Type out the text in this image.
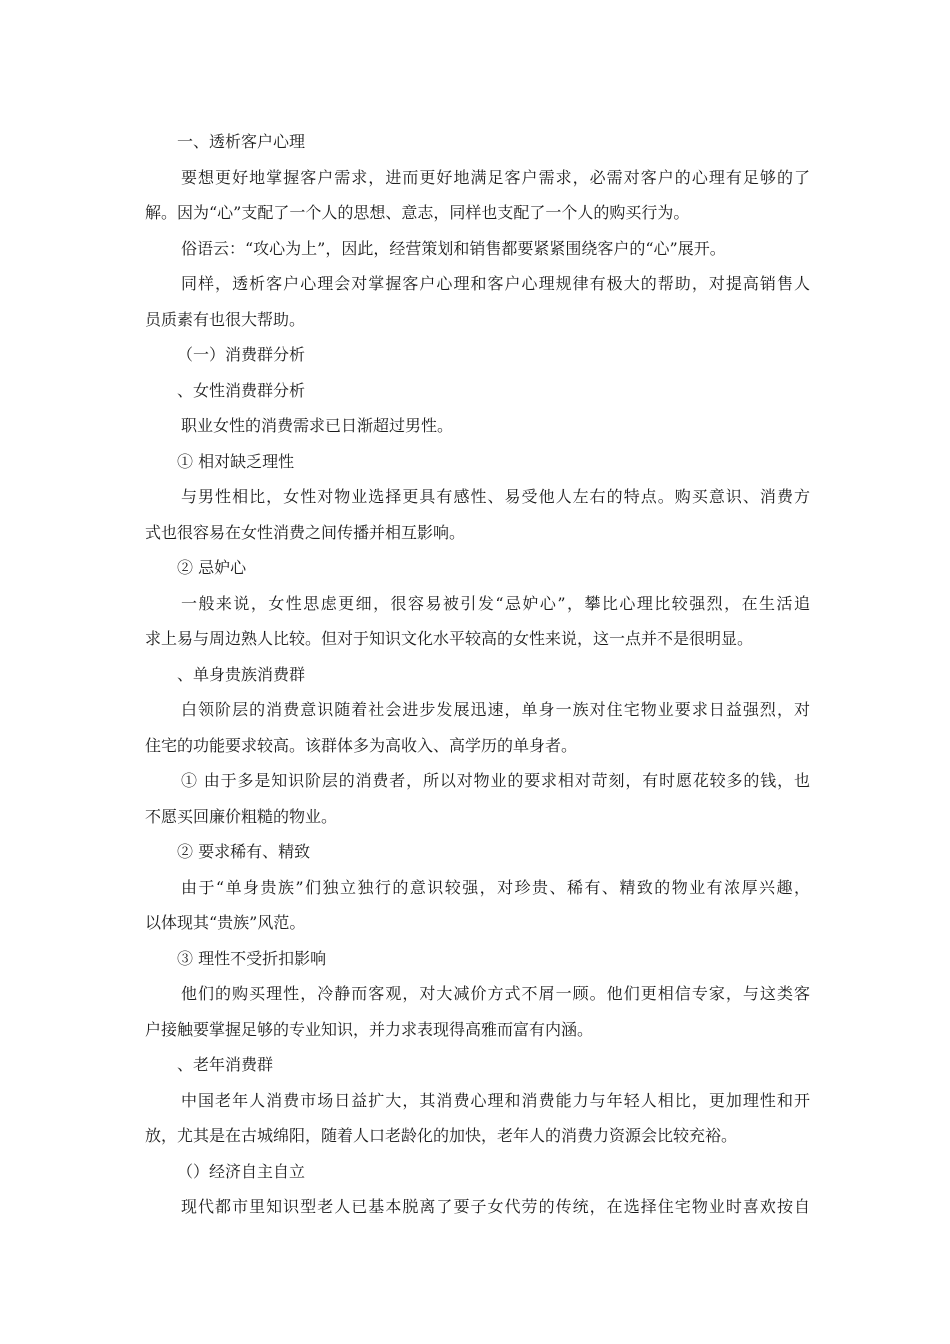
一、透析客户心理

要想更好地掌握客户需求，进而更好地满足客户需求，必需对客户的心理有足够的了

解。因为“心”支配了一个人的思想、意志，同样也支配了一个人的购买行为。

俗语云：“攻心为上”，因此，经营策划和销售都要紧紧围绕客户的“心”展开。

同样，透析客户心理会对掌握客户心理和客户心理规律有极大的帮助，对提高销售人

员质素有也很大帮助。

（一）消费群分析

、女性消费群分析

职业女性的消费需求已日渐超过男性。

① 相对缺乏理性

与男性相比，女性对物业选择更具有感性、易受他人左右的特点。购买意识、消费方

式也很容易在女性消费之间传播并相互影响。

② 忌妒心

一般来说，女性思虑更细，很容易被引发“忌妒心”，攀比心理比较强烈，在生活追

求上易与周边熟人比较。但对于知识文化水平较高的女性来说，这一点并不是很明显。

、单身贵族消费群

白领阶层的消费意识随着社会进步发展迅速，单身一族对住宅物业要求日益强烈，对

住宅的功能要求较高。该群体多为高收入、高学历的单身者。

① 由于多是知识阶层的消费者，所以对物业的要求相对苛刻，有时愿花较多的钱，也

不愿买回廉价粗糙的物业。

② 要求稀有、精致

由于“单身贵族”们独立独行的意识较强，对珍贵、稀有、精致的物业有浓厚兴趣，

以体现其“贵族”风范。

③ 理性不受折扣影响

他们的购买理性，冷静而客观，对大减价方式不屑一顾。他们更相信专家，与这类客

户接触要掌握足够的专业知识，并力求表现得高雅而富有内涵。

、老年消费群

中国老年人消费市场日益扩大，其消费心理和消费能力与年轻人相比，更加理性和开

放，尤其是在古城绵阳，随着人口老龄化的加快，老年人的消费力资源会比较充裕。

（）经济自主自立

现代都市里知识型老人已基本脱离了要子女代劳的传统，在选择住宅物业时喜欢按自
